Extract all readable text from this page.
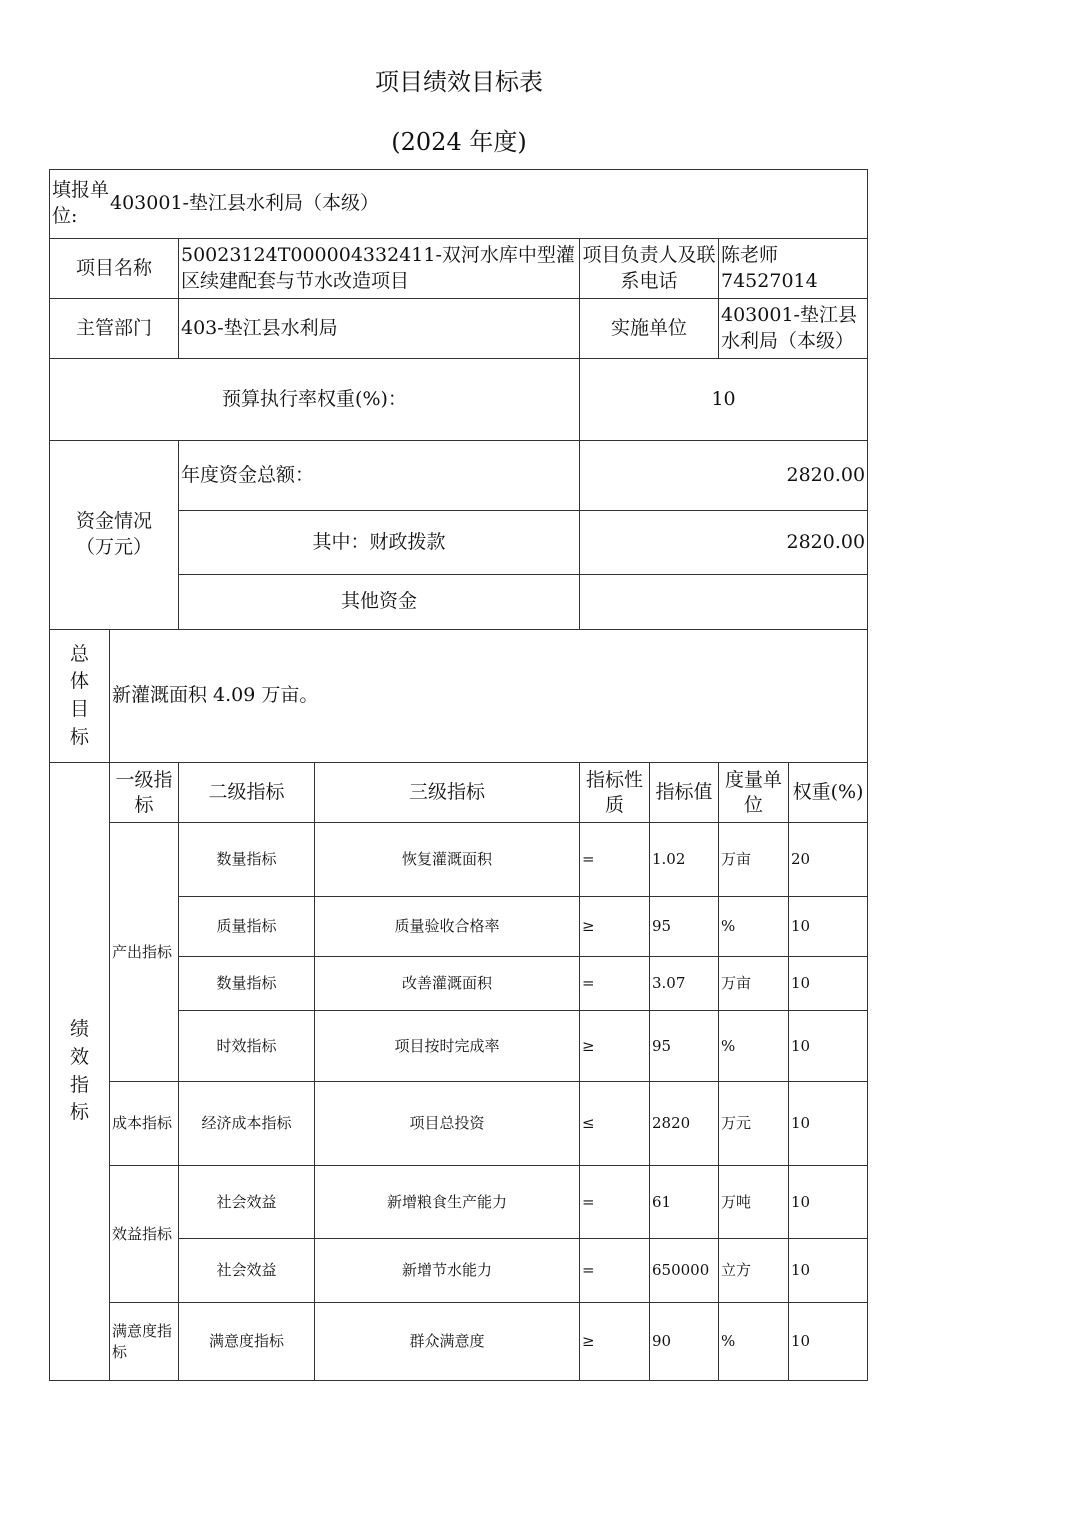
项目绩效目标表
(2024 年度)
填报单位:
403001-垫江县水利局（本级）							

项目名称		50023124T000004332411-双河水库中型灌区续建配套与节水改造项目		项目负责人及联系电话		陈老师 74527014	
主管部门		403-垫江县水利局		实施单位		403001-垫江县水利局（本级）	
预算执行率权重(%)：				10			

资金情况（万元）		年度资金总额：		2820.00			
		其中：财政拨款		2820.00			
		其他资金					

总体目标	新灌溉面积 4.09 万亩。						

绩效指标	一级指标	二级指标	三级指标	指标性质	指标值	度量单位	权重(%)
	产出指标	数量指标	恢复灌溉面积	=	1.02	万亩	20
		质量指标	质量验收合格率	≥	95	%	10
		数量指标	改善灌溉面积	=	3.07	万亩	10
		时效指标	项目按时完成率	≥	95	%	10
	成本指标	经济成本指标	项目总投资	≤	2820	万元	10
	效益指标	社会效益	新增粮食生产能力	=	61	万吨	10
		社会效益	新增节水能力	=	650000	立方	10
	满意度指标	满意度指标	群众满意度	≥	90	%	10
